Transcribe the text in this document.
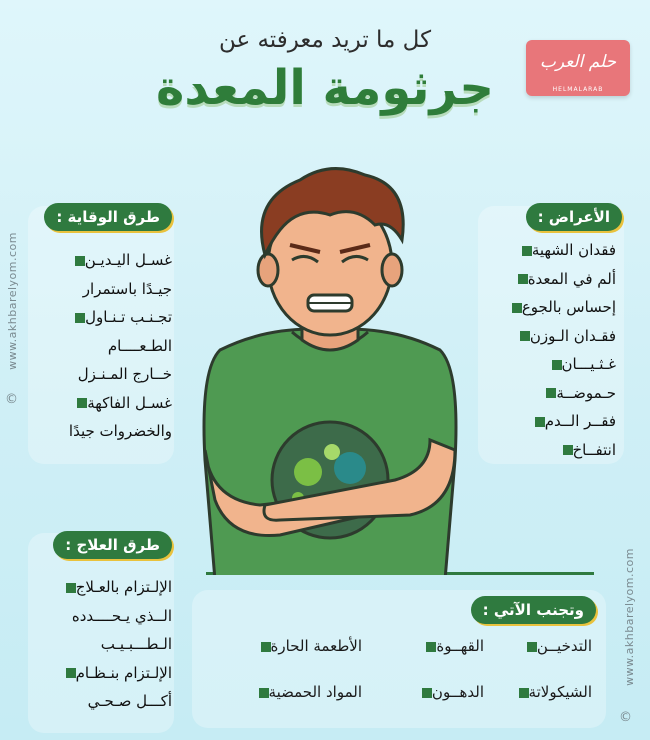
www.akhbarelyom.com
©
www.akhbarelyom.com
©
حلم العرب
HELMALARAB
كل ما تريد معرفته عن
جرثومة المعدة
الأعراض :
فقدان الشهية
ألم في المعدة
إحساس بالجوع
فقـدان الـوزن
غـثـيـــان
حـموضــة
فقــر الــدم
انتفــاخ
طرق الوقاية :
غسـل اليـديـن
جيـدًا باستمرار
تجـنـب تـنـاول
الطـعــــام
خــارج المـنـزل
غسـل الفاكهة
والخضروات جيدًا
طرق العلاج :
الإلـتزام بالعـلاج
الــذي يـحــــدده
الـطـــبـيـب
الإلـتزام بنـظـام
أكـــل صـحـي
وتجنب الآتي :
التدخيــن
القهــوة
الأطعمة الحارة
الشيكولاتة
الدهــون
المواد الحمضية
